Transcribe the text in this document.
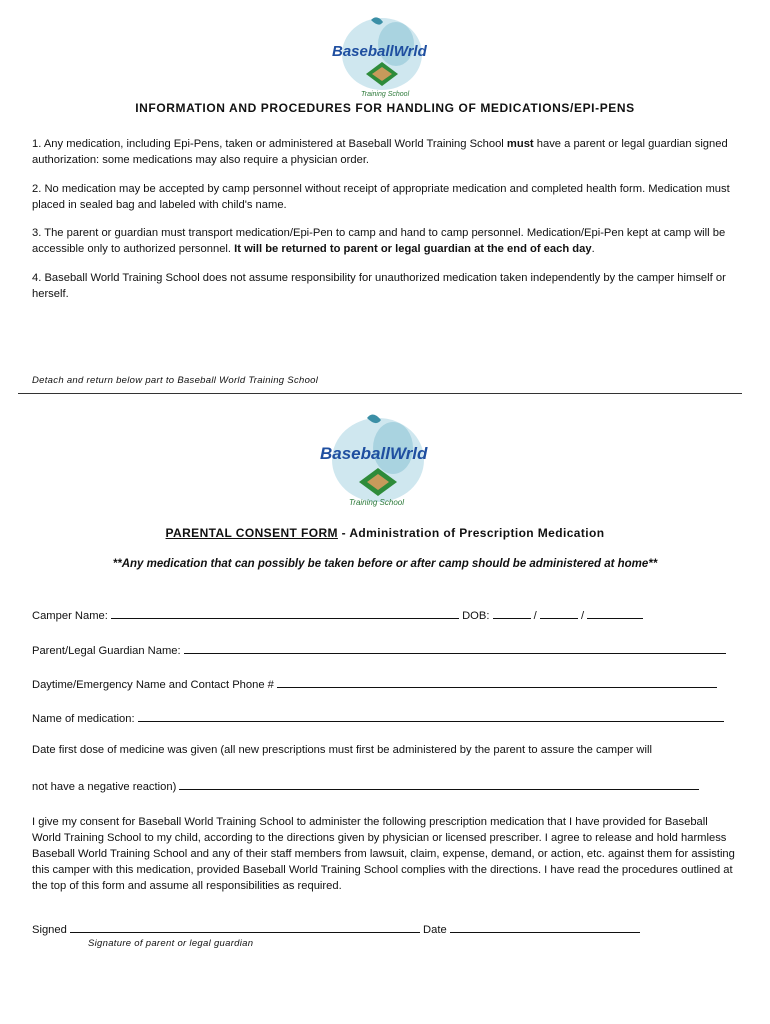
BaseballWrld
Training School
INFORMATION AND PROCEDURES FOR HANDLING OF MEDICATIONS/EPI-PENS

1. Any medication, including Epi-Pens, taken or administered at Baseball World Training School must have a parent or legal guardian signed authorization: some medications may also require a physician order.

2. No medication may be accepted by camp personnel without receipt of appropriate medication and completed health form. Medication must placed in sealed bag and labeled with child's name.

3. The parent or guardian must transport medication/Epi-Pen to camp and hand to camp personnel. Medication/Epi-Pen kept at camp will be accessible only to authorized personnel. It will be returned to parent or legal guardian at the end of each day.

4. Baseball World Training School does not assume responsibility for unauthorized medication taken independently by the camper himself or herself.

Detach and return below part to Baseball World Training School
BaseballWrld
Training School
PARENTAL CONSENT FORM - Administration of Prescription Medication
**Any medication that can possibly be taken before or after camp should be administered at home**
Camper Name:	DOB:	/	/
Parent/Legal Guardian Name:
Daytime/Emergency Name and Contact Phone #
Name of medication:
Date first dose of medicine was given (all new prescriptions must first be administered by the parent to assure the camper will
not have a negative reaction)

I give my consent for Baseball World Training School to administer the following prescription medication that I have provided for Baseball World Training School to my child, according to the directions given by physician or licensed prescriber. I agree to release and hold harmless Baseball World Training School and any of their staff members from lawsuit, claim, expense, demand, or action, etc. against them for assisting this camper with this medication, provided Baseball World Training School complies with the directions. I have read the procedures outlined at the top of this form and assume all responsibilities as required.

Signed	Date
Signature of parent or legal guardian
